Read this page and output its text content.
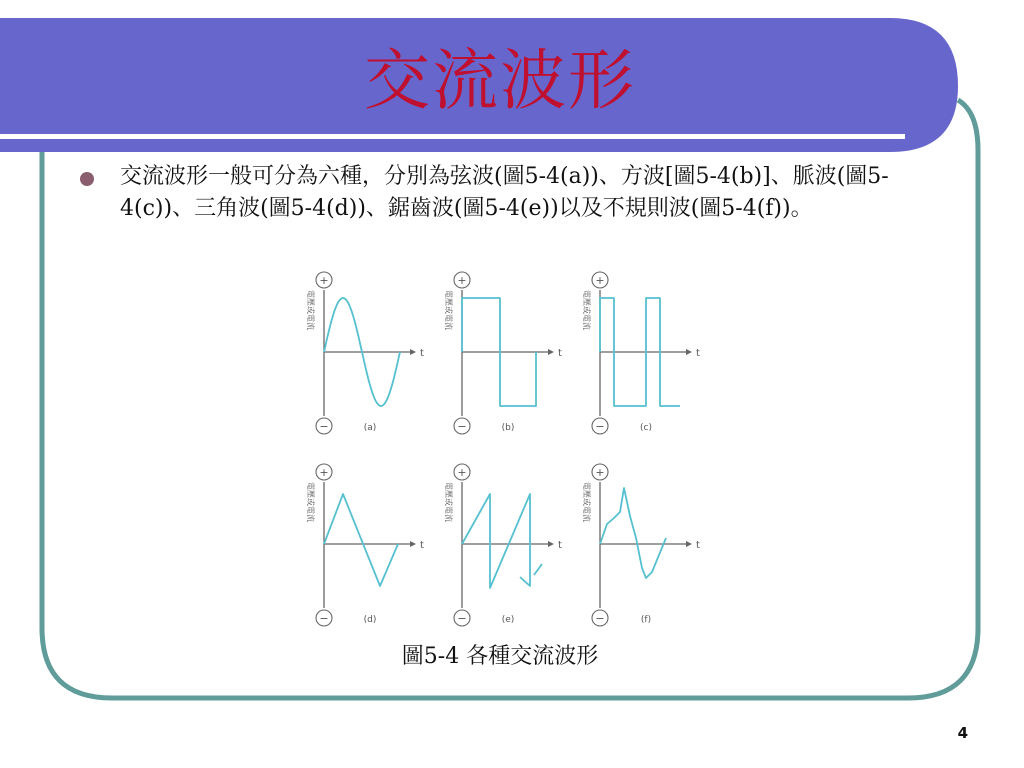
交流波形
交流波形一般可分為六種，分別為弦波(圖5-4(a))、方波[圖5-4(b)]、脈波(圖5-4(c))、三角波(圖5-4(d))、鋸齒波(圖5-4(e))以及不規則波(圖5-4(f))。
+
−
t
電壓或電流
(a)
+
−
t
電壓或電流
(b)
+
−
t
電壓或電流
(c)
+
−
t
電壓或電流
(d)
+
−
t
電壓或電流
(e)
+
−
t
電壓或電流
(f)
圖5-4 各種交流波形
4
